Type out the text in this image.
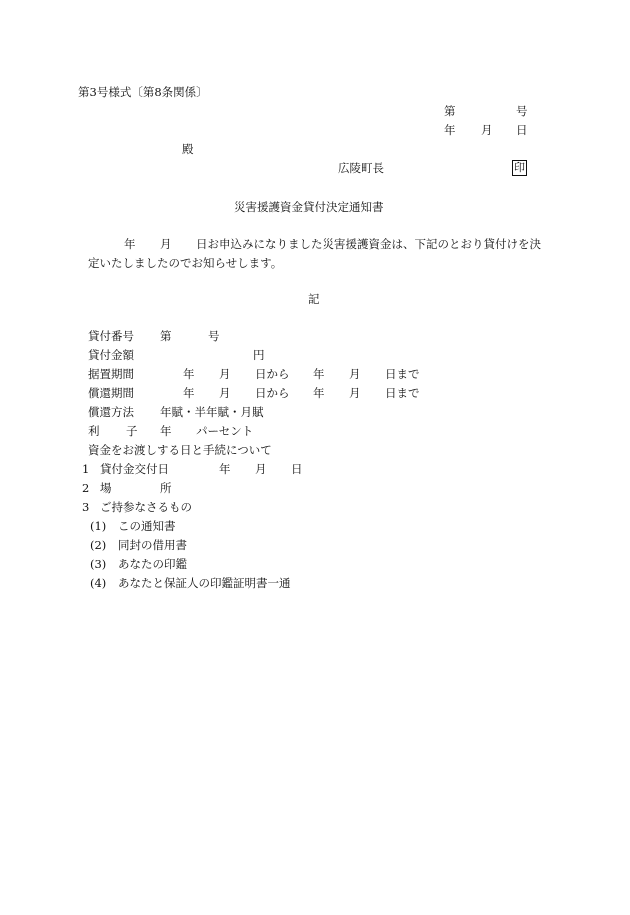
第3号様式〔第8条関係〕
第	号
年 月 日
殿
広陵町長	印
災害援護資金貸付決定通知書
年 月 日お申込みになりました災害援護資金は、下記のとおり貸付けを決
定いたしましたのでお知らせします。
記
貸付番号 第	号
貸付金額	円
据置期間	年 月 日から 年 月 日まで
償還期間	年 月 日から 年 月 日まで
償還方法 年賦・半年賦・月賦
利 子 年 パーセント
資金をお渡しする日と手続について
1 貸付金交付日	年 月 日
2 場	所
3 ご持参なさるもの
(1) この通知書
(2) 同封の借用書
(3) あなたの印鑑
(4) あなたと保証人の印鑑証明書一通
